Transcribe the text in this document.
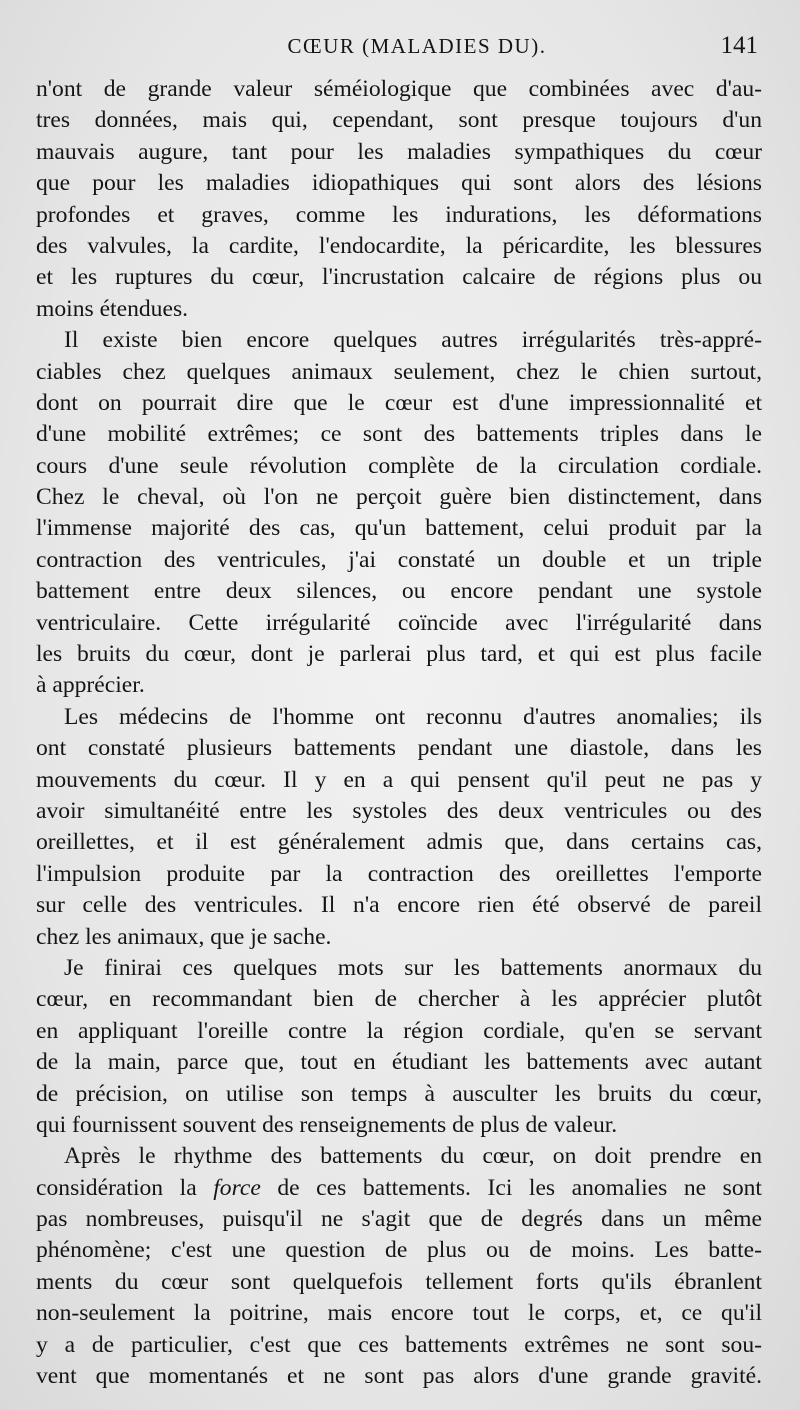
CŒUR (MALADIES DU).	141
n'ont de grande valeur séméiologique que combinées avec d'au-
tres données, mais qui, cependant, sont presque toujours d'un
mauvais augure, tant pour les maladies sympathiques du cœur
que pour les maladies idiopathiques qui sont alors des lésions
profondes et graves, comme les indurations, les déformations
des valvules, la cardite, l'endocardite, la péricardite, les blessures
et les ruptures du cœur, l'incrustation calcaire de régions plus ou
moins étendues.
Il existe bien encore quelques autres irrégularités très-appré-
ciables chez quelques animaux seulement, chez le chien surtout,
dont on pourrait dire que le cœur est d'une impressionnalité et
d'une mobilité extrêmes; ce sont des battements triples dans le
cours d'une seule révolution complète de la circulation cordiale.
Chez le cheval, où l'on ne perçoit guère bien distinctement, dans
l'immense majorité des cas, qu'un battement, celui produit par la
contraction des ventricules, j'ai constaté un double et un triple
battement entre deux silences, ou encore pendant une systole
ventriculaire. Cette irrégularité coïncide avec l'irrégularité dans
les bruits du cœur, dont je parlerai plus tard, et qui est plus facile
à apprécier.
Les médecins de l'homme ont reconnu d'autres anomalies; ils
ont constaté plusieurs battements pendant une diastole, dans les
mouvements du cœur. Il y en a qui pensent qu'il peut ne pas y
avoir simultanéité entre les systoles des deux ventricules ou des
oreillettes, et il est généralement admis que, dans certains cas,
l'impulsion produite par la contraction des oreillettes l'emporte
sur celle des ventricules. Il n'a encore rien été observé de pareil
chez les animaux, que je sache.
Je finirai ces quelques mots sur les battements anormaux du
cœur, en recommandant bien de chercher à les apprécier plutôt
en appliquant l'oreille contre la région cordiale, qu'en se servant
de la main, parce que, tout en étudiant les battements avec autant
de précision, on utilise son temps à ausculter les bruits du cœur,
qui fournissent souvent des renseignements de plus de valeur.
Après le rhythme des battements du cœur, on doit prendre en
considération la force de ces battements. Ici les anomalies ne sont
pas nombreuses, puisqu'il ne s'agit que de degrés dans un même
phénomène; c'est une question de plus ou de moins. Les batte-
ments du cœur sont quelquefois tellement forts qu'ils ébranlent
non-seulement la poitrine, mais encore tout le corps, et, ce qu'il
y a de particulier, c'est que ces battements extrêmes ne sont sou-
vent que momentanés et ne sont pas alors d'une grande gravité.
